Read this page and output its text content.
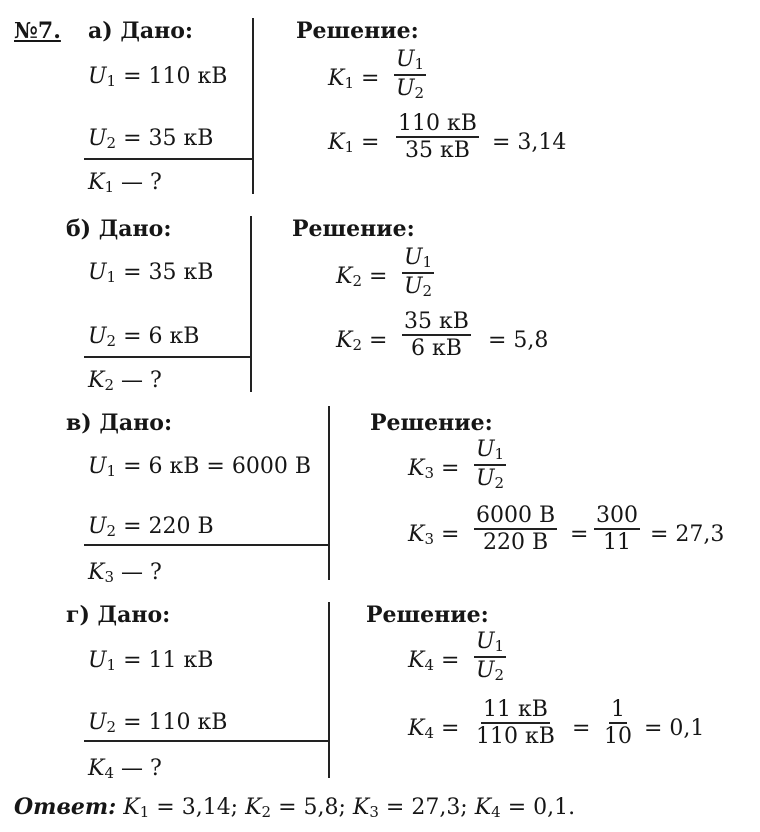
№7. а) Дано:
$U_1 = 110$ кВ
$U_2 = 35$ кВ
$K_1$ — ?
Решение:
$K_1 = \frac{U_1}{U_2}$
$K_1$ =
110 кВ
35 кВ = 3,14
б) Дано:
$U_1 = 35$ кВ
$U_2 = 6$ кВ
$K_2$ — ?
Решение:
$K_2 = \frac{U_1}{U_2}$
$K_2$ =
35 кВ
6 кВ = 5,8
в) Дано:
$U_1 = 6$ кВ = 6000 В
$U_2 = 220$ В
$K_3$ — ?
Решение:
$K_3 = \frac{U_1}{U_2}$
$K_3$ =
6000 В
220 $В = \frac{300}{11} = 27,3$
г) Дано:
$U_1 = 11$ кВ
$U_2 = 110$ кВ
$K_4$ — ?
Решение:
$K_4 = \frac{U_1}{U_2}$
$K_4$ =
11 кВ
110 кВ = $\frac{1}{10} = 0,1$
Ответ: $K_1 = 3,14$; $K_2 = 5,8$; $K_3 = 27,3$; $K_4 = 0,1$.
